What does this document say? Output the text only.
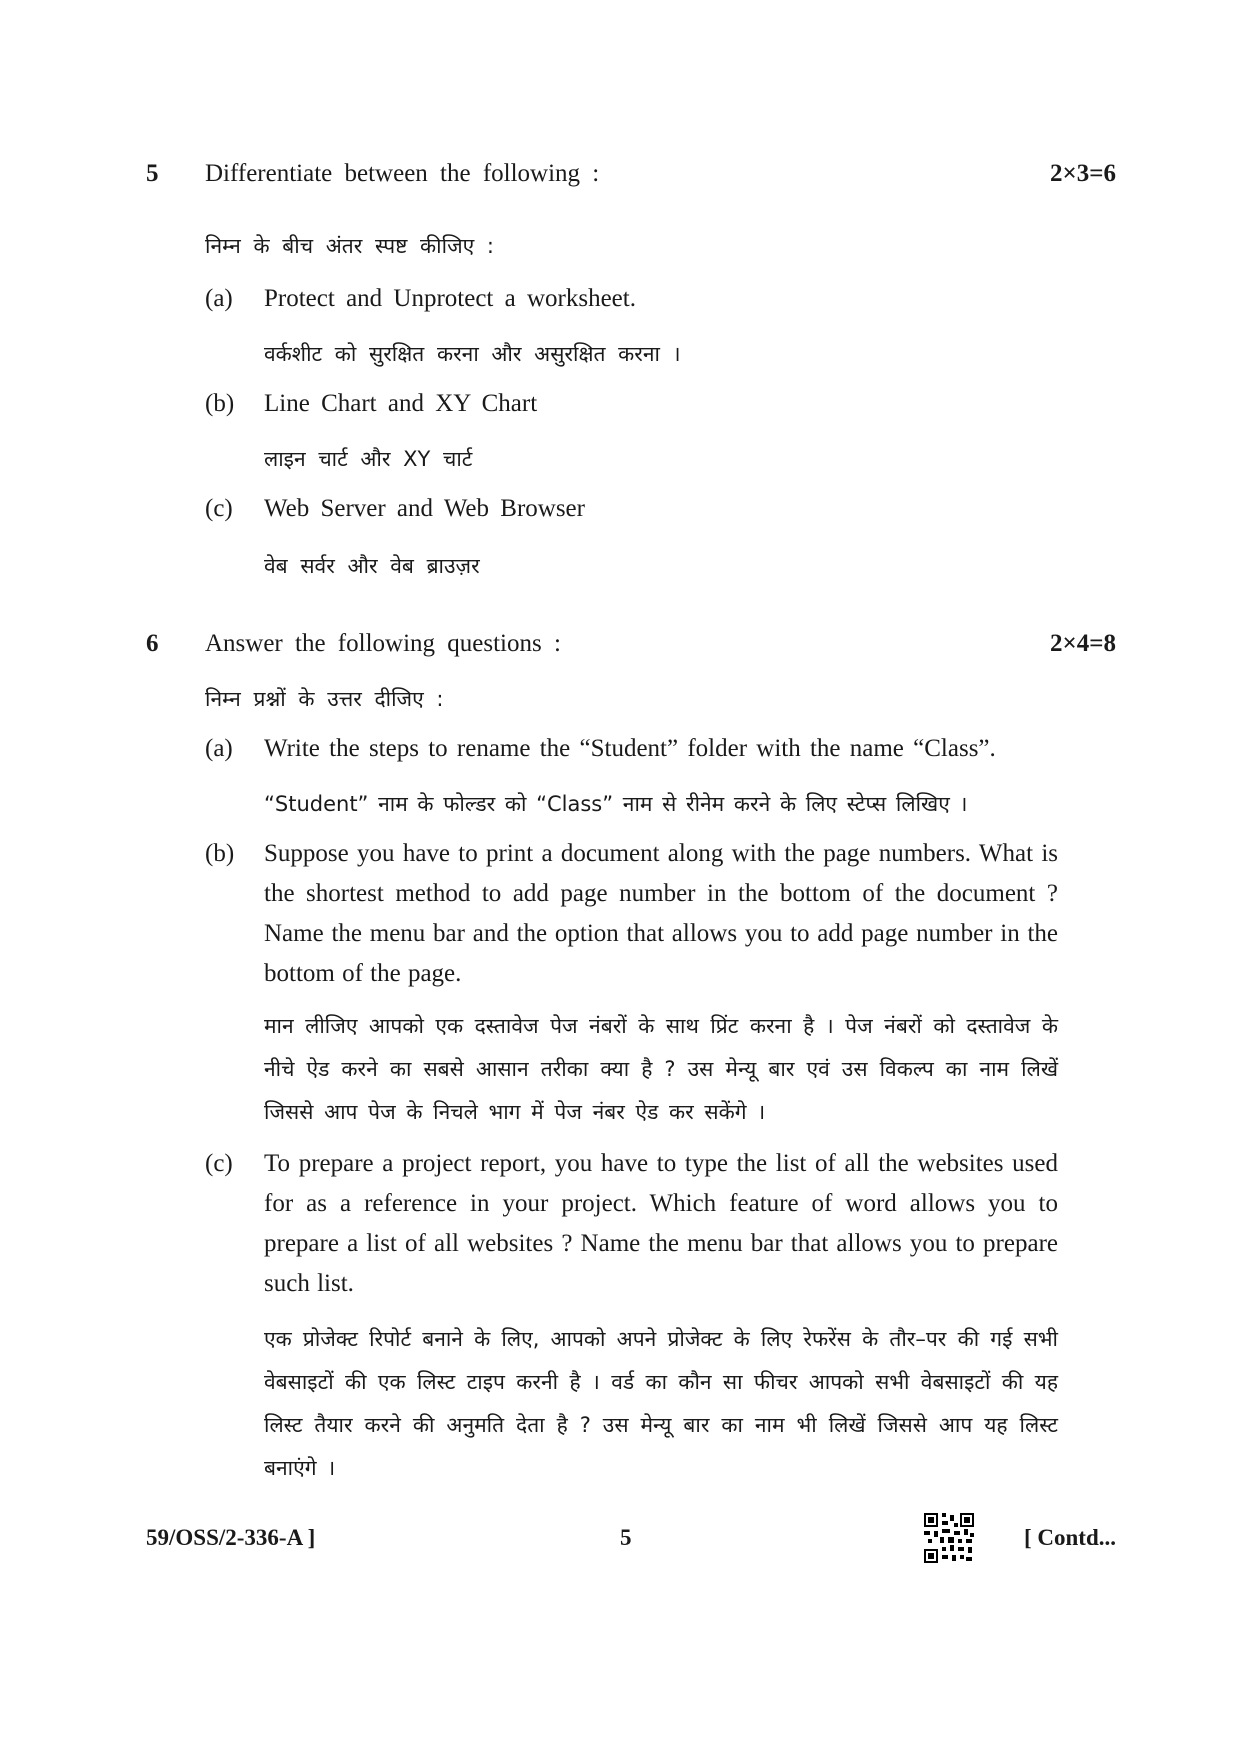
5 Differentiate between the following :	2×3=6
निम्न के बीच अंतर स्पष्ट कीजिए :
(a) Protect and Unprotect a worksheet.
वर्कशीट को सुरक्षित करना और असुरक्षित करना ।
(b) Line Chart and XY Chart
लाइन चार्ट और XY चार्ट
(c) Web Server and Web Browser
वेब सर्वर और वेब ब्राउज़र
6 Answer the following questions :	2×4=8
निम्न प्रश्नों के उत्तर दीजिए :
(a) Write the steps to rename the “Student” folder with the name “Class”.
“Student” नाम के फोल्डर को “Class” नाम से रीनेम करने के लिए स्टेप्स लिखिए ।
(b) Suppose you have to print a document along with the page numbers. What is the shortest method to add page number in the bottom of the document ? Name the menu bar and the option that allows you to add page number in the bottom of the page.
मान लीजिए आपको एक दस्तावेज पेज नंबरों के साथ प्रिंट करना है । पेज नंबरों को दस्तावेज के नीचे ऐड करने का सबसे आसान तरीका क्या है ? उस मेन्यू बार एवं उस विकल्प का नाम लिखें जिससे आप पेज के निचले भाग में पेज नंबर ऐड कर सकेंगे ।
(c) To prepare a project report, you have to type the list of all the websites used for as a reference in your project. Which feature of word allows you to prepare a list of all websites ? Name the menu bar that allows you to prepare such list.
एक प्रोजेक्ट रिपोर्ट बनाने के लिए, आपको अपने प्रोजेक्ट के लिए रेफरेंस के तौर–पर की गई सभी वेबसाइटों की एक लिस्ट टाइप करनी है । वर्ड का कौन सा फीचर आपको सभी वेबसाइटों की यह लिस्ट तैयार करने की अनुमति देता है ? उस मेन्यू बार का नाम भी लिखें जिससे आप यह लिस्ट बनाएंगे ।
59/OSS/2-336-A ]	5	[ Contd...
